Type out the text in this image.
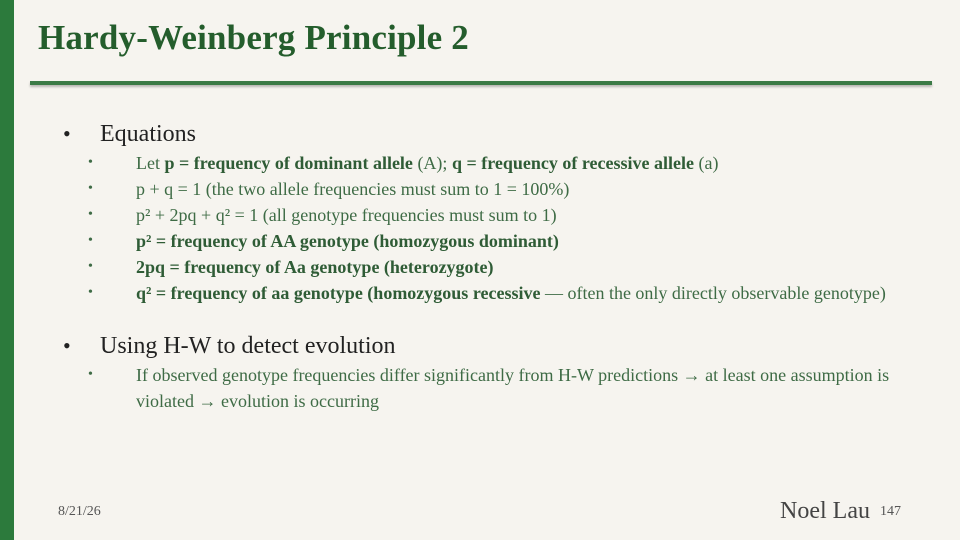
Hardy-Weinberg Principle 2
• Equations
• Let p = frequency of dominant allele (A); q = frequency of recessive allele (a)
• p + q = 1 (the two allele frequencies must sum to 1 = 100%)
• p² + 2pq + q² = 1 (all genotype frequencies must sum to 1)
• p² = frequency of AA genotype (homozygous dominant)
• 2pq = frequency of Aa genotype (heterozygote)
• q² = frequency of aa genotype (homozygous recessive — often the only directly observable genotype)
• Using H-W to detect evolution
• If observed genotype frequencies differ significantly from H-W predictions → at least one assumption is violated → evolution is occurring
8/21/26	Noel Lau 147
